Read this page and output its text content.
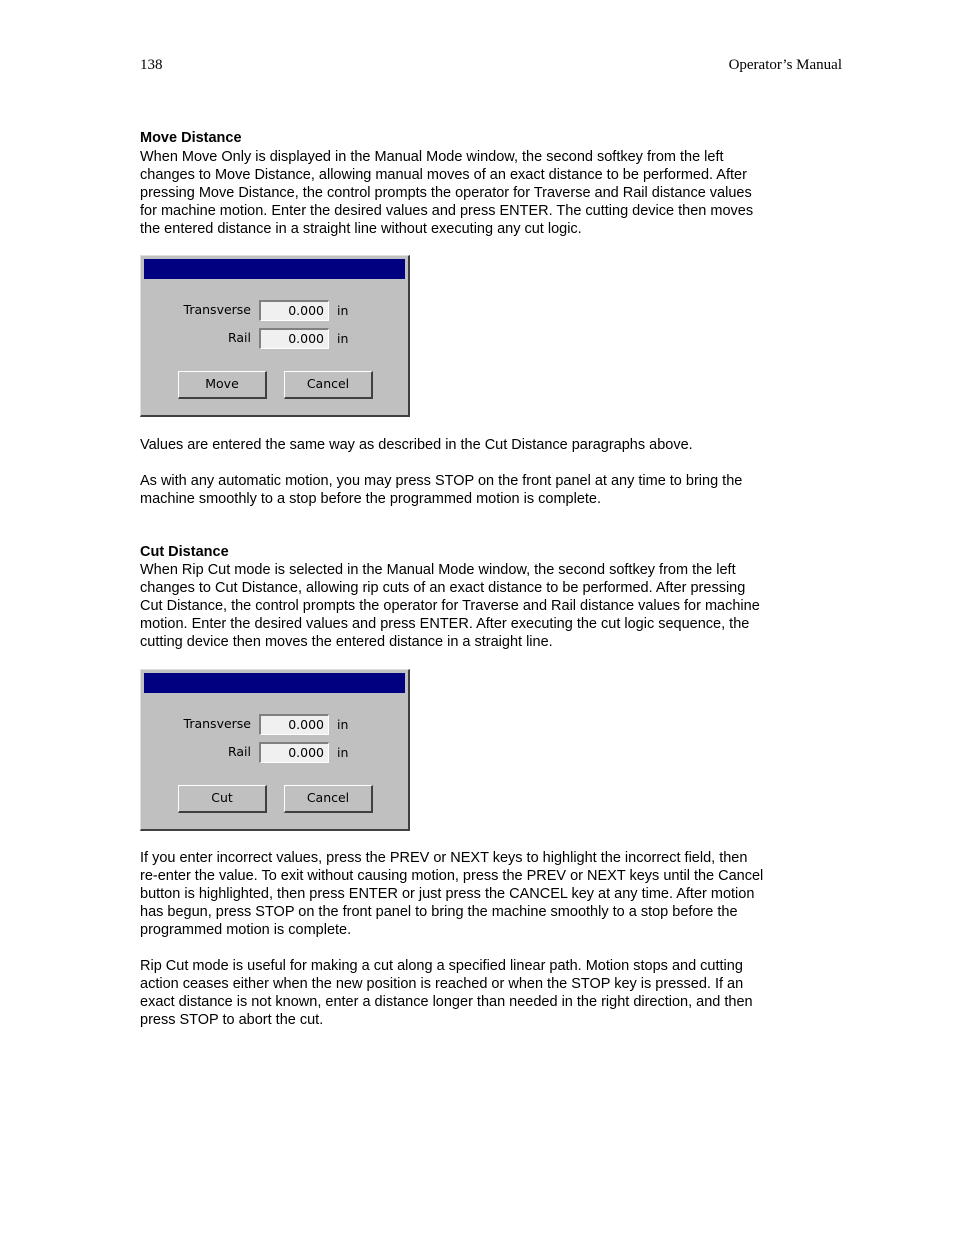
138	Operator’s Manual
Move Distance
When Move Only is displayed in the Manual Mode window, the second softkey from the left
changes to Move Distance, allowing manual moves of an exact distance to be performed. After
pressing Move Distance, the control prompts the operator for Traverse and Rail distance values
for machine motion. Enter the desired values and press ENTER. The cutting device then moves
the entered distance in a straight line without executing any cut logic.
Transverse	0.000	in
Rail	0.000	in
Move	Cancel
Values are entered the same way as described in the Cut Distance paragraphs above.
As with any automatic motion, you may press STOP on the front panel at any time to bring the
machine smoothly to a stop before the programmed motion is complete.
Cut Distance
When Rip Cut mode is selected in the Manual Mode window, the second softkey from the left
changes to Cut Distance, allowing rip cuts of an exact distance to be performed. After pressing
Cut Distance, the control prompts the operator for Traverse and Rail distance values for machine
motion. Enter the desired values and press ENTER. After executing the cut logic sequence, the
cutting device then moves the entered distance in a straight line.
Transverse	0.000	in
Rail	0.000	in
Cut	Cancel
If you enter incorrect values, press the PREV or NEXT keys to highlight the incorrect field, then
re-enter the value. To exit without causing motion, press the PREV or NEXT keys until the Cancel
button is highlighted, then press ENTER or just press the CANCEL key at any time. After motion
has begun, press STOP on the front panel to bring the machine smoothly to a stop before the
programmed motion is complete.
Rip Cut mode is useful for making a cut along a specified linear path. Motion stops and cutting
action ceases either when the new position is reached or when the STOP key is pressed. If an
exact distance is not known, enter a distance longer than needed in the right direction, and then
press STOP to abort the cut.
